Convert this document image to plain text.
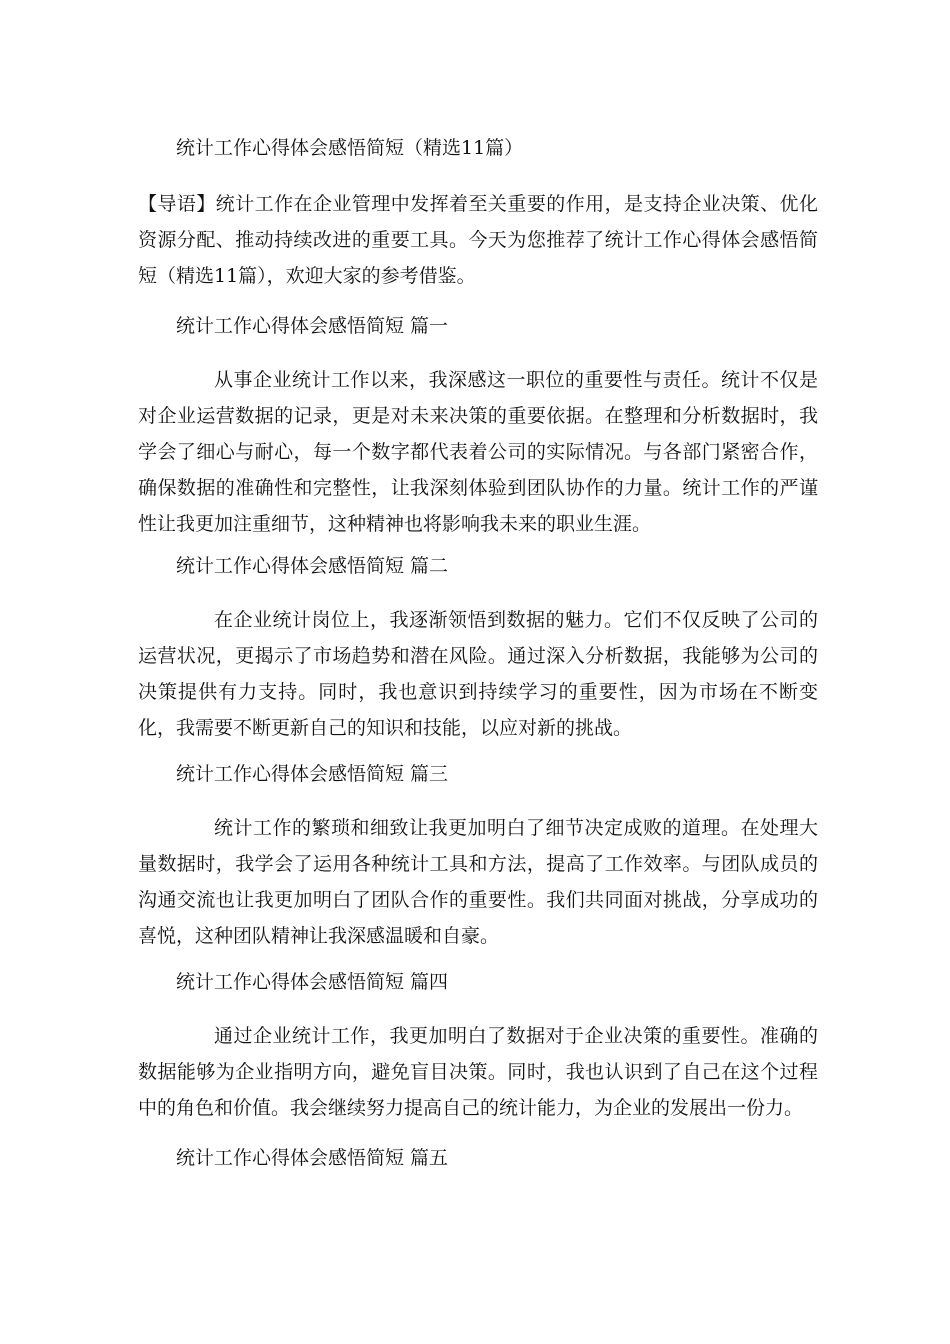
统计工作心得体会感悟简短（精选11篇）
【导语】统计工作在企业管理中发挥着至关重要的作用，是支持企业决策、优化资源分配、推动持续改进的重要工具。今天为您推荐了统计工作心得体会感悟简短（精选11篇），欢迎大家的参考借鉴。
统计工作心得体会感悟简短 篇一
从事企业统计工作以来，我深感这一职位的重要性与责任。统计不仅是对企业运营数据的记录，更是对未来决策的重要依据。在整理和分析数据时，我学会了细心与耐心，每一个数字都代表着公司的实际情况。与各部门紧密合作，确保数据的准确性和完整性，让我深刻体验到团队协作的力量。统计工作的严谨性让我更加注重细节，这种精神也将影响我未来的职业生涯。
统计工作心得体会感悟简短 篇二
在企业统计岗位上，我逐渐领悟到数据的魅力。它们不仅反映了公司的运营状况，更揭示了市场趋势和潜在风险。通过深入分析数据，我能够为公司的决策提供有力支持。同时，我也意识到持续学习的重要性，因为市场在不断变化，我需要不断更新自己的知识和技能，以应对新的挑战。
统计工作心得体会感悟简短 篇三
统计工作的繁琐和细致让我更加明白了细节决定成败的道理。在处理大量数据时，我学会了运用各种统计工具和方法，提高了工作效率。与团队成员的沟通交流也让我更加明白了团队合作的重要性。我们共同面对挑战，分享成功的喜悦，这种团队精神让我深感温暖和自豪。
统计工作心得体会感悟简短 篇四
通过企业统计工作，我更加明白了数据对于企业决策的重要性。准确的数据能够为企业指明方向，避免盲目决策。同时，我也认识到了自己在这个过程中的角色和价值。我会继续努力提高自己的统计能力，为企业的发展出一份力。
统计工作心得体会感悟简短 篇五
